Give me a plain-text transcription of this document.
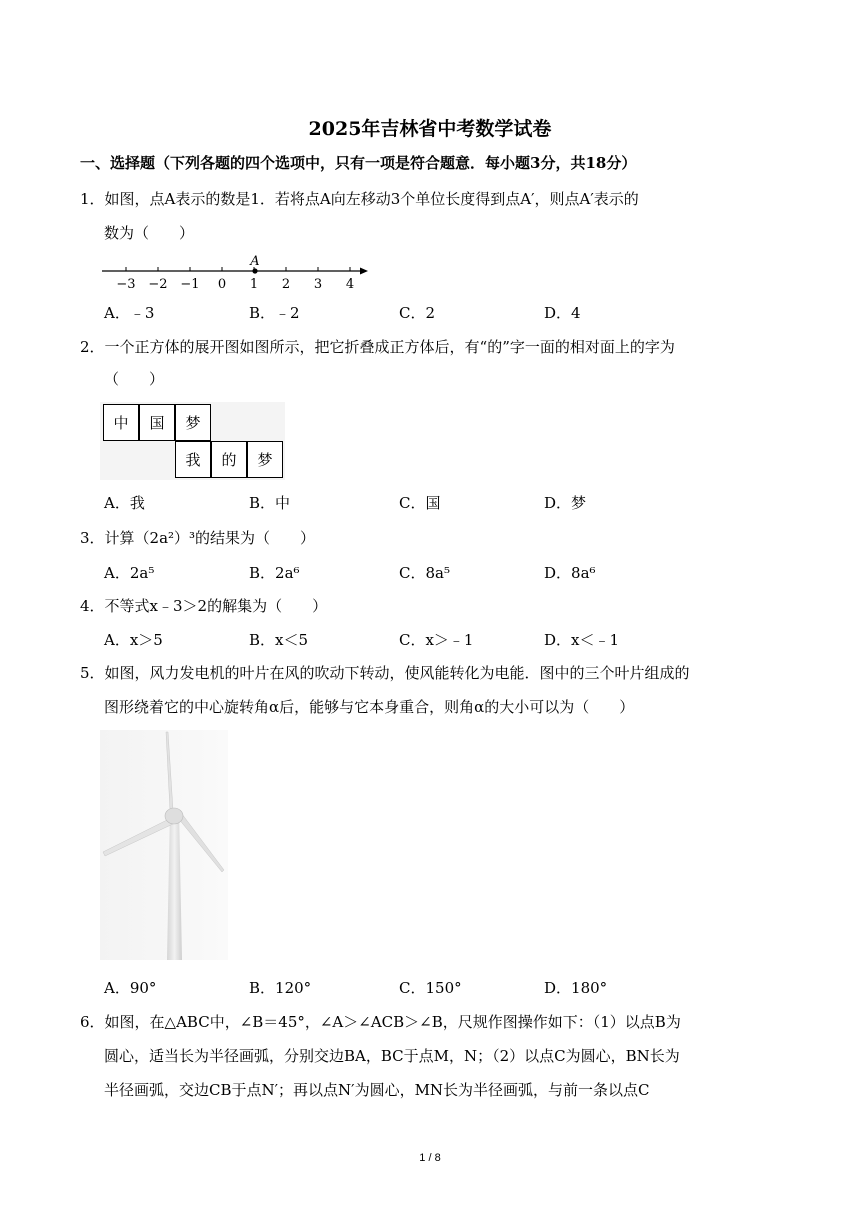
2025年吉林省中考数学试卷
一、选择题（下列各题的四个选项中，只有一项是符合题意．每小题3分，共18分）
1．如图，点A表示的数是1．若将点A向左移动3个单位长度得到点A′，则点A′表示的
数为（　　）
−3 −2 −1 0 1 2 3 4
A
A．﹣3	B．﹣2	C．2	D．4
2．一个正方体的展开图如图所示，把它折叠成正方体后，有“的”字一面的相对面上的字为
（　　）
中	国	梦
我	的	梦
A．我	B．中	C．国	D．梦
3．计算（2a²）³的结果为（　　）
A．2a⁵	B．2a⁶	C．8a⁵	D．8a⁶
4．不等式x﹣3＞2的解集为（　　）
A．x＞5	B．x＜5	C．x＞﹣1	D．x＜﹣1
5．如图，风力发电机的叶片在风的吹动下转动，使风能转化为电能．图中的三个叶片组成的
图形绕着它的中心旋转角α后，能够与它本身重合，则角α的大小可以为（　　）
A．90°	B．120°	C．150°	D．180°
6．如图，在△ABC中，∠B＝45°，∠A＞∠ACB＞∠B，尺规作图操作如下：（1）以点B为
圆心，适当长为半径画弧，分别交边BA，BC于点M，N；（2）以点C为圆心，BN长为
半径画弧，交边CB于点N′；再以点N′为圆心，MN长为半径画弧，与前一条以点C
1 / 8
